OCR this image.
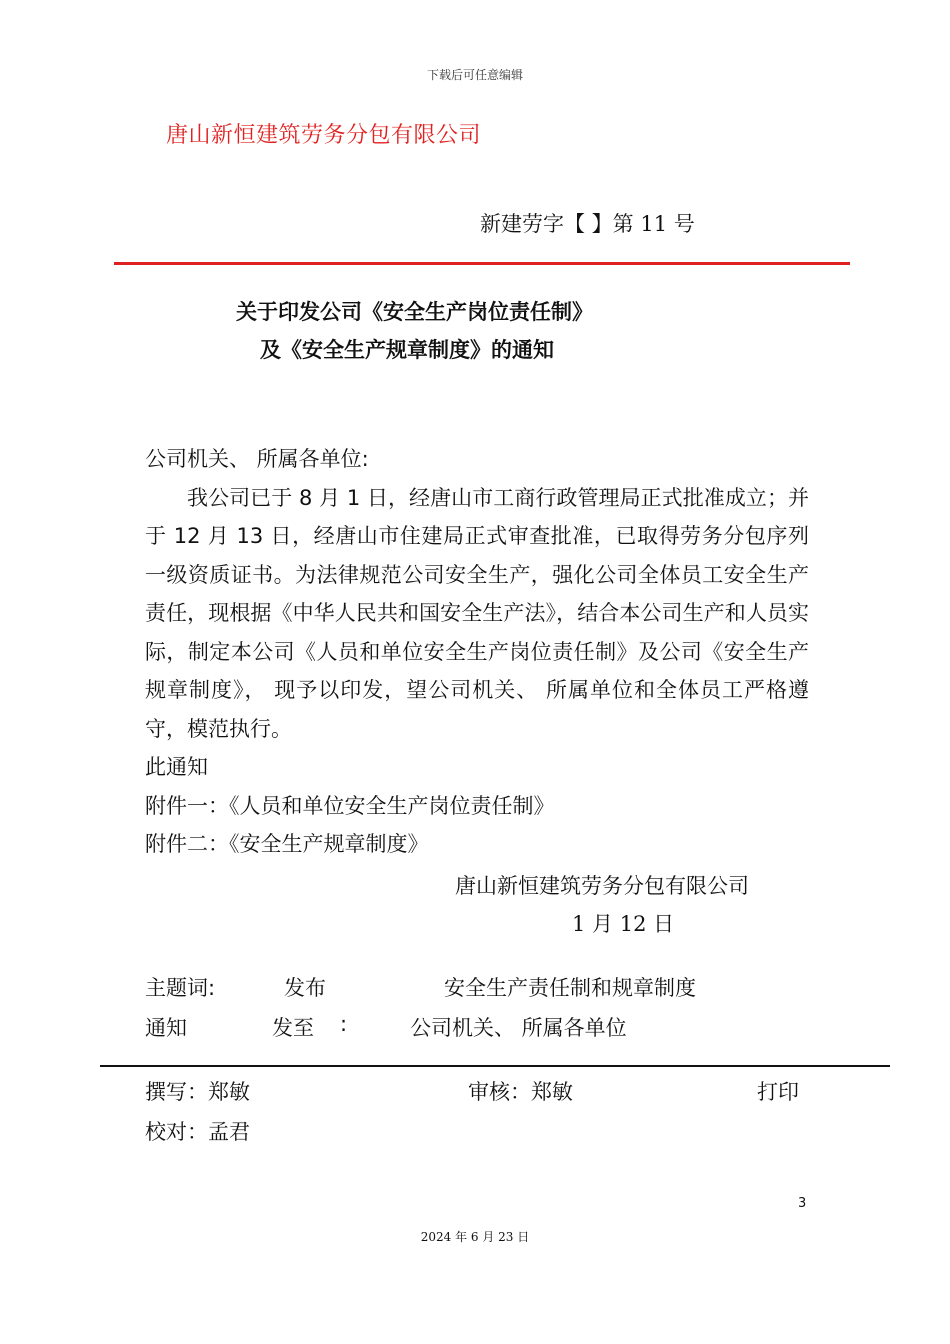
下载后可任意编辑
唐山新恒建筑劳务分包有限公司
新建劳字【 】第 11 号
关于印发公司《安全生产岗位责任制》
及《安全生产规章制度》的通知
公司机关、 所属各单位:

我公司已于 8 月 1 日，经唐山市工商行政管理局正式批准成立；并于 12 月 13 日，经唐山市住建局正式审查批准，已取得劳务分包序列一级资质证书。为法律规范公司安全生产，强化公司全体员工安全生产责任，现根据《中华人民共和国安全生产法》，结合本公司生产和人员实际，制定本公司《人员和单位安全生产岗位责任制》及公司《安全生产规章制度》， 现予以印发，望公司机关、 所属单位和全体员工严格遵守，模范执行。

此通知
附件一：《人员和单位安全生产岗位责任制》
附件二：《安全生产规章制度》
唐山新恒建筑劳务分包有限公司
1 月 12 日
主题词:	发布	安全生产责任制和规章制度
通知	发至 :	公司机关、 所属各单位
撰写：郑敏	审核：郑敏	打印
校对：孟君
3
2024 年 6 月 23 日
